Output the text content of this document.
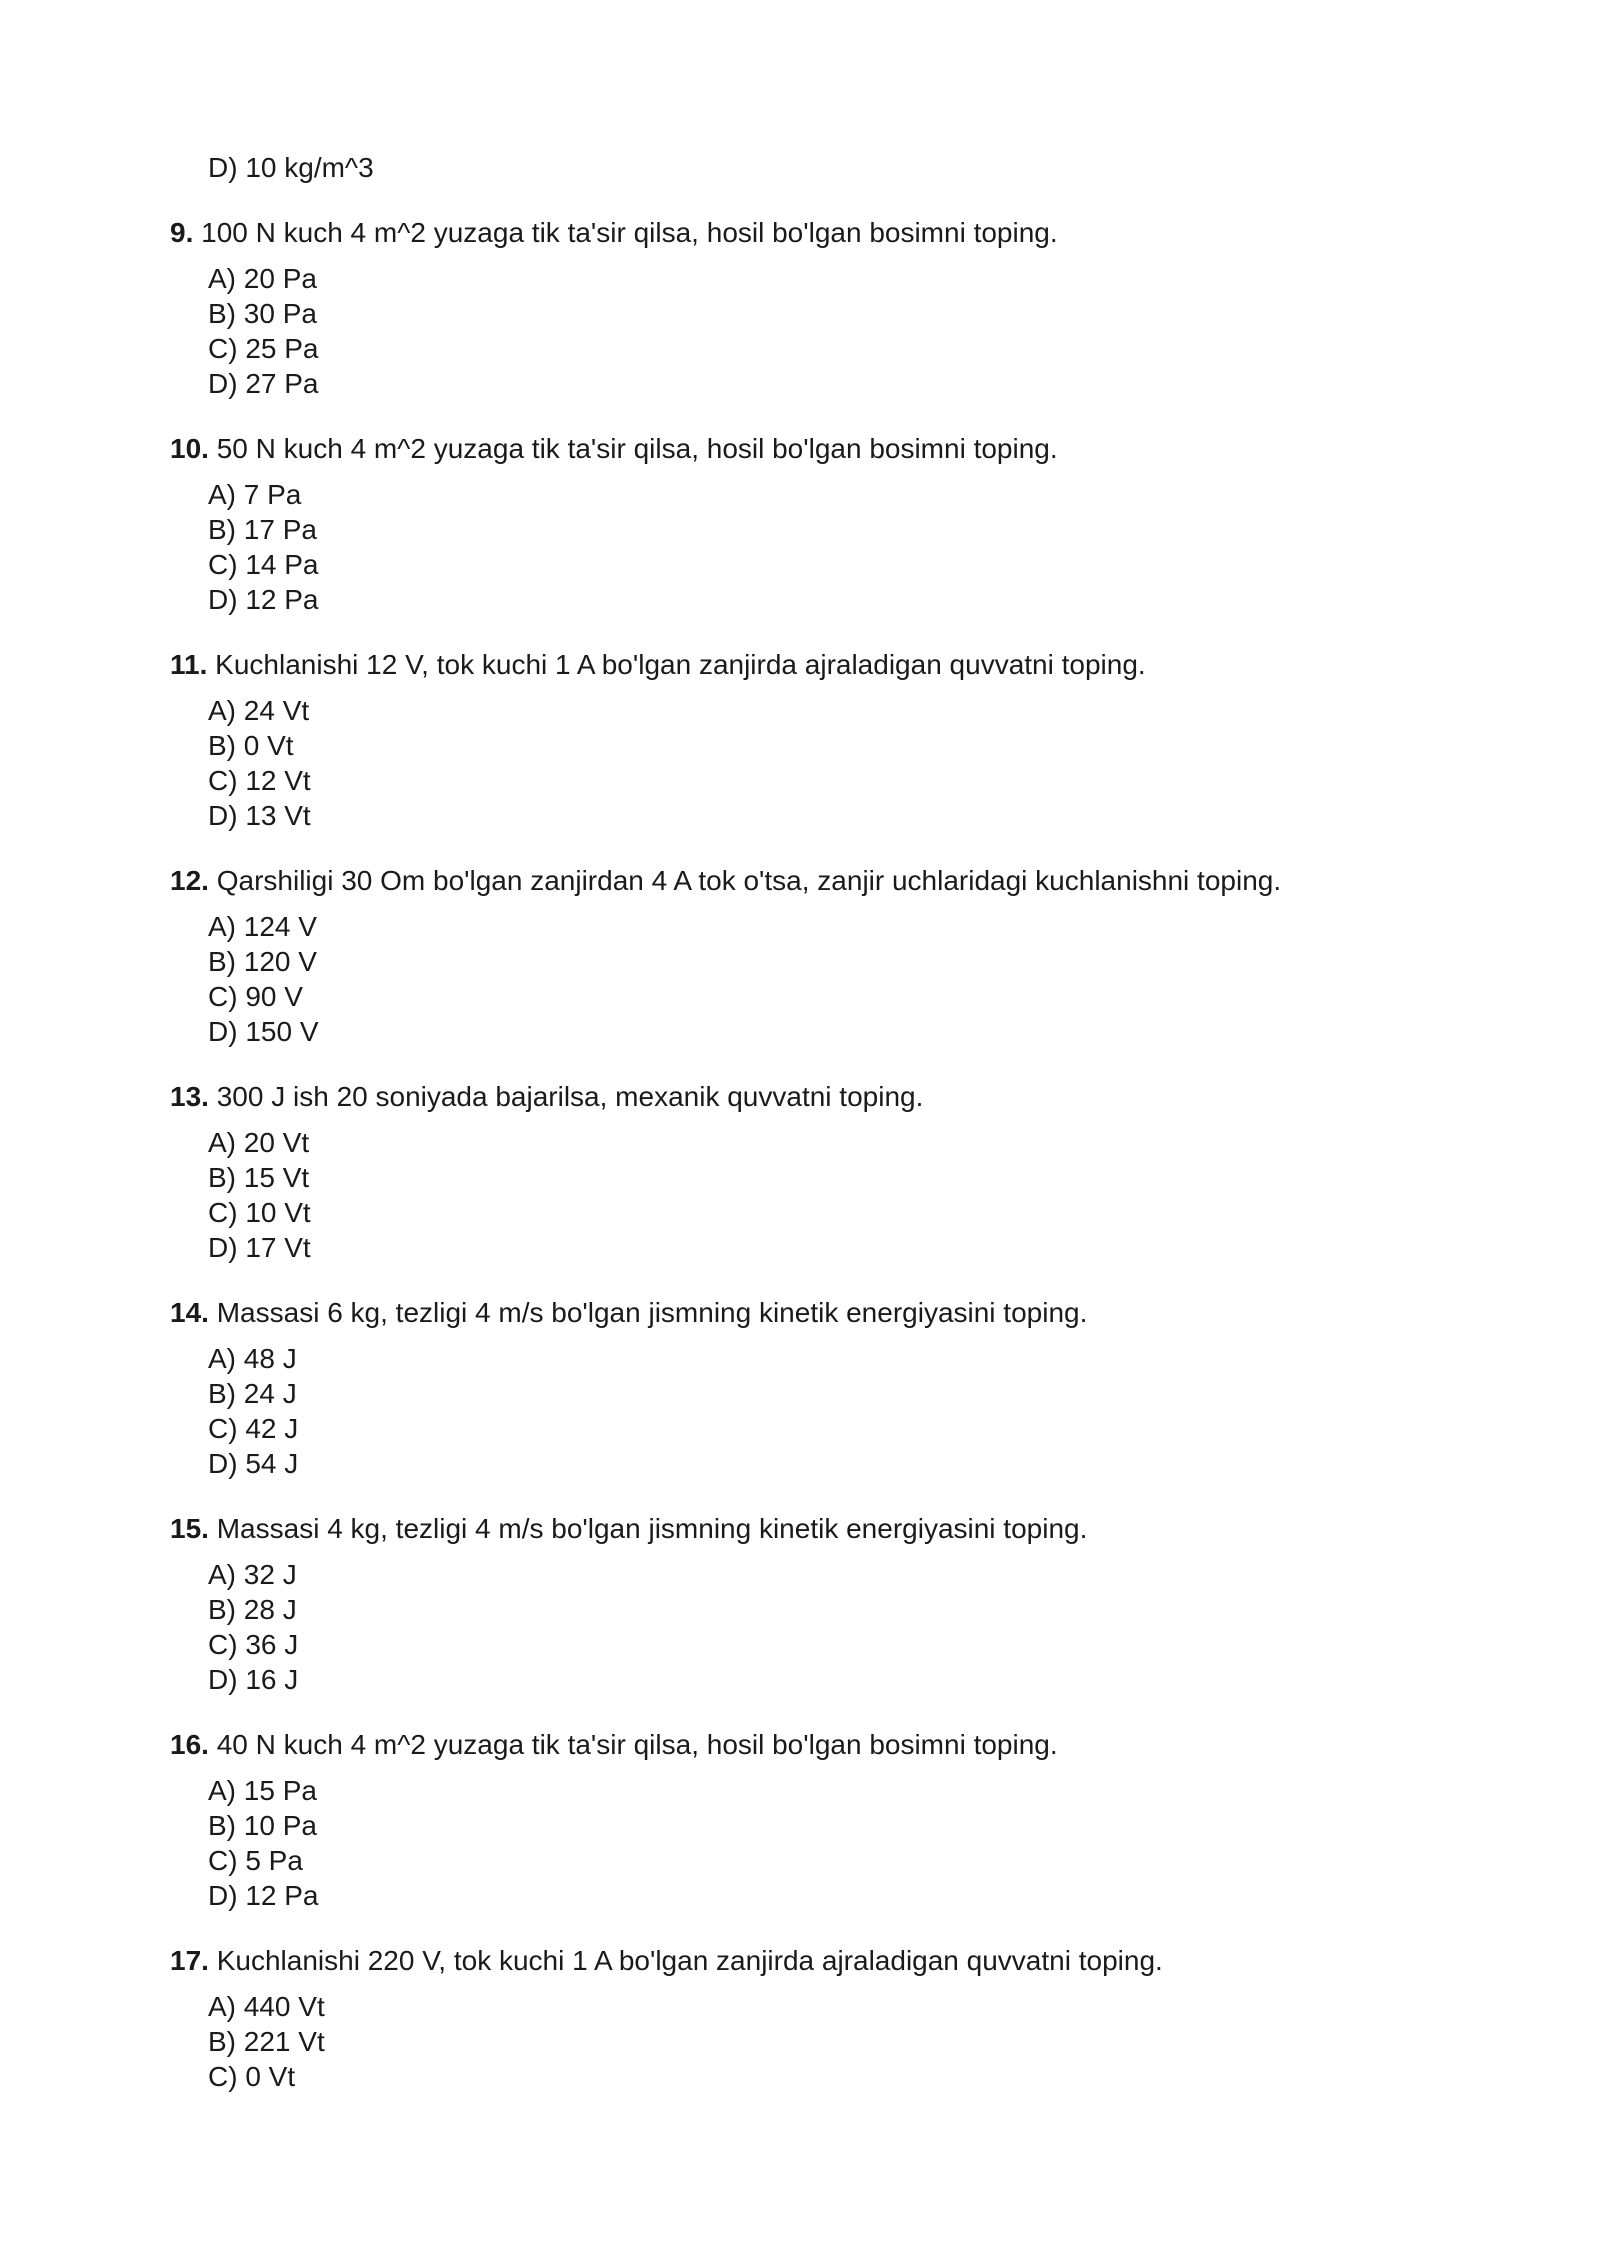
D) 10 kg/m^3
9. 100 N kuch 4 m^2 yuzaga tik ta'sir qilsa, hosil bo'lgan bosimni toping.
A) 20 Pa
B) 30 Pa
C) 25 Pa
D) 27 Pa
10. 50 N kuch 4 m^2 yuzaga tik ta'sir qilsa, hosil bo'lgan bosimni toping.
A) 7 Pa
B) 17 Pa
C) 14 Pa
D) 12 Pa
11. Kuchlanishi 12 V, tok kuchi 1 A bo'lgan zanjirda ajraladigan quvvatni toping.
A) 24 Vt
B) 0 Vt
C) 12 Vt
D) 13 Vt
12. Qarshiligi 30 Om bo'lgan zanjirdan 4 A tok o'tsa, zanjir uchlaridagi kuchlanishni toping.
A) 124 V
B) 120 V
C) 90 V
D) 150 V
13. 300 J ish 20 soniyada bajarilsa, mexanik quvvatni toping.
A) 20 Vt
B) 15 Vt
C) 10 Vt
D) 17 Vt
14. Massasi 6 kg, tezligi 4 m/s bo'lgan jismning kinetik energiyasini toping.
A) 48 J
B) 24 J
C) 42 J
D) 54 J
15. Massasi 4 kg, tezligi 4 m/s bo'lgan jismning kinetik energiyasini toping.
A) 32 J
B) 28 J
C) 36 J
D) 16 J
16. 40 N kuch 4 m^2 yuzaga tik ta'sir qilsa, hosil bo'lgan bosimni toping.
A) 15 Pa
B) 10 Pa
C) 5 Pa
D) 12 Pa
17. Kuchlanishi 220 V, tok kuchi 1 A bo'lgan zanjirda ajraladigan quvvatni toping.
A) 440 Vt
B) 221 Vt
C) 0 Vt
